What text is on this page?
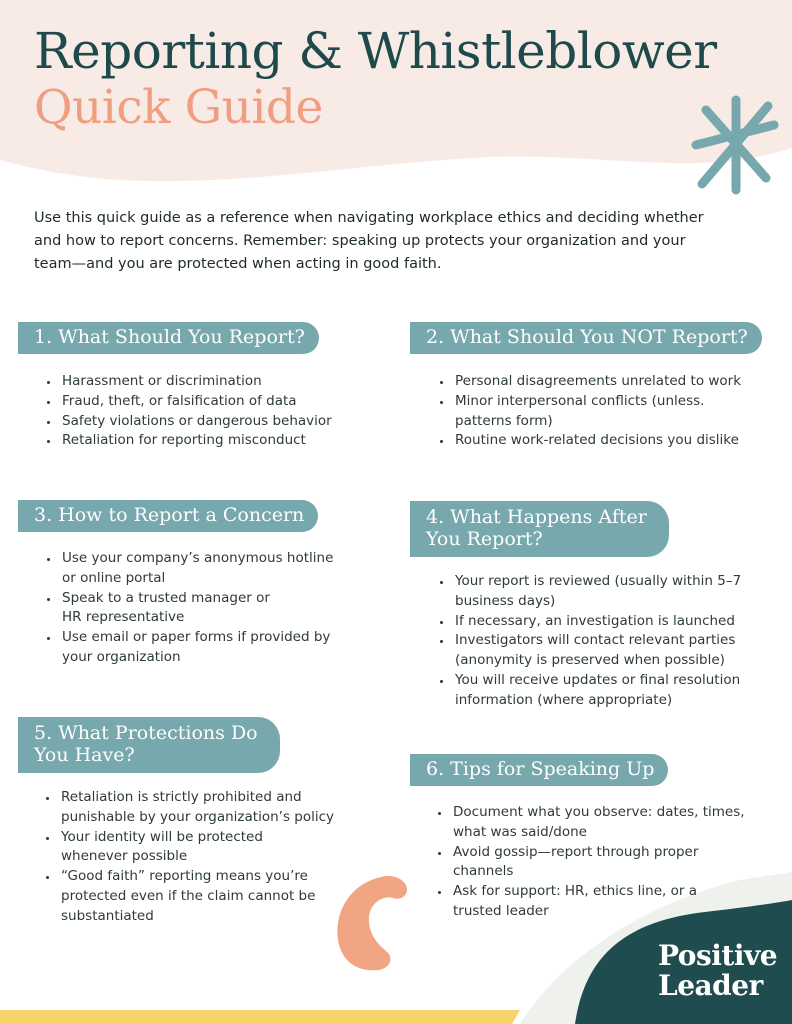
Reporting & Whistleblower
Quick Guide

Use this quick guide as a reference when navigating workplace ethics and deciding whether and how to report concerns. Remember: speaking up protects your organization and your team—and you are protected when acting in good faith.

1. What Should You Report?
• Harassment or discrimination
• Fraud, theft, or falsification of data
• Safety violations or dangerous behavior
• Retaliation for reporting misconduct
2. What Should You NOT Report?
• Personal disagreements unrelated to work
• Minor interpersonal conflicts (unless. patterns form)
• Routine work-related decisions you dislike
3. How to Report a Concern
• Use your company’s anonymous hotline or online portal
• Speak to a trusted manager or HR representative
• Use email or paper forms if provided by your organization
4. What Happens After
You Report?
• Your report is reviewed (usually within 5–7 business days)
• If necessary, an investigation is launched
• Investigators will contact relevant parties (anonymity is preserved when possible)
• You will receive updates or final resolution information (where appropriate)
5. What Protections Do
You Have?
• Retaliation is strictly prohibited and punishable by your organization’s policy
• Your identity will be protected whenever possible
• “Good faith” reporting means you’re protected even if the claim cannot be substantiated
6. Tips for Speaking Up
• Document what you observe: dates, times, what was said/done
• Avoid gossip—report through proper channels
• Ask for support: HR, ethics line, or a trusted leader
Positive
Leader
